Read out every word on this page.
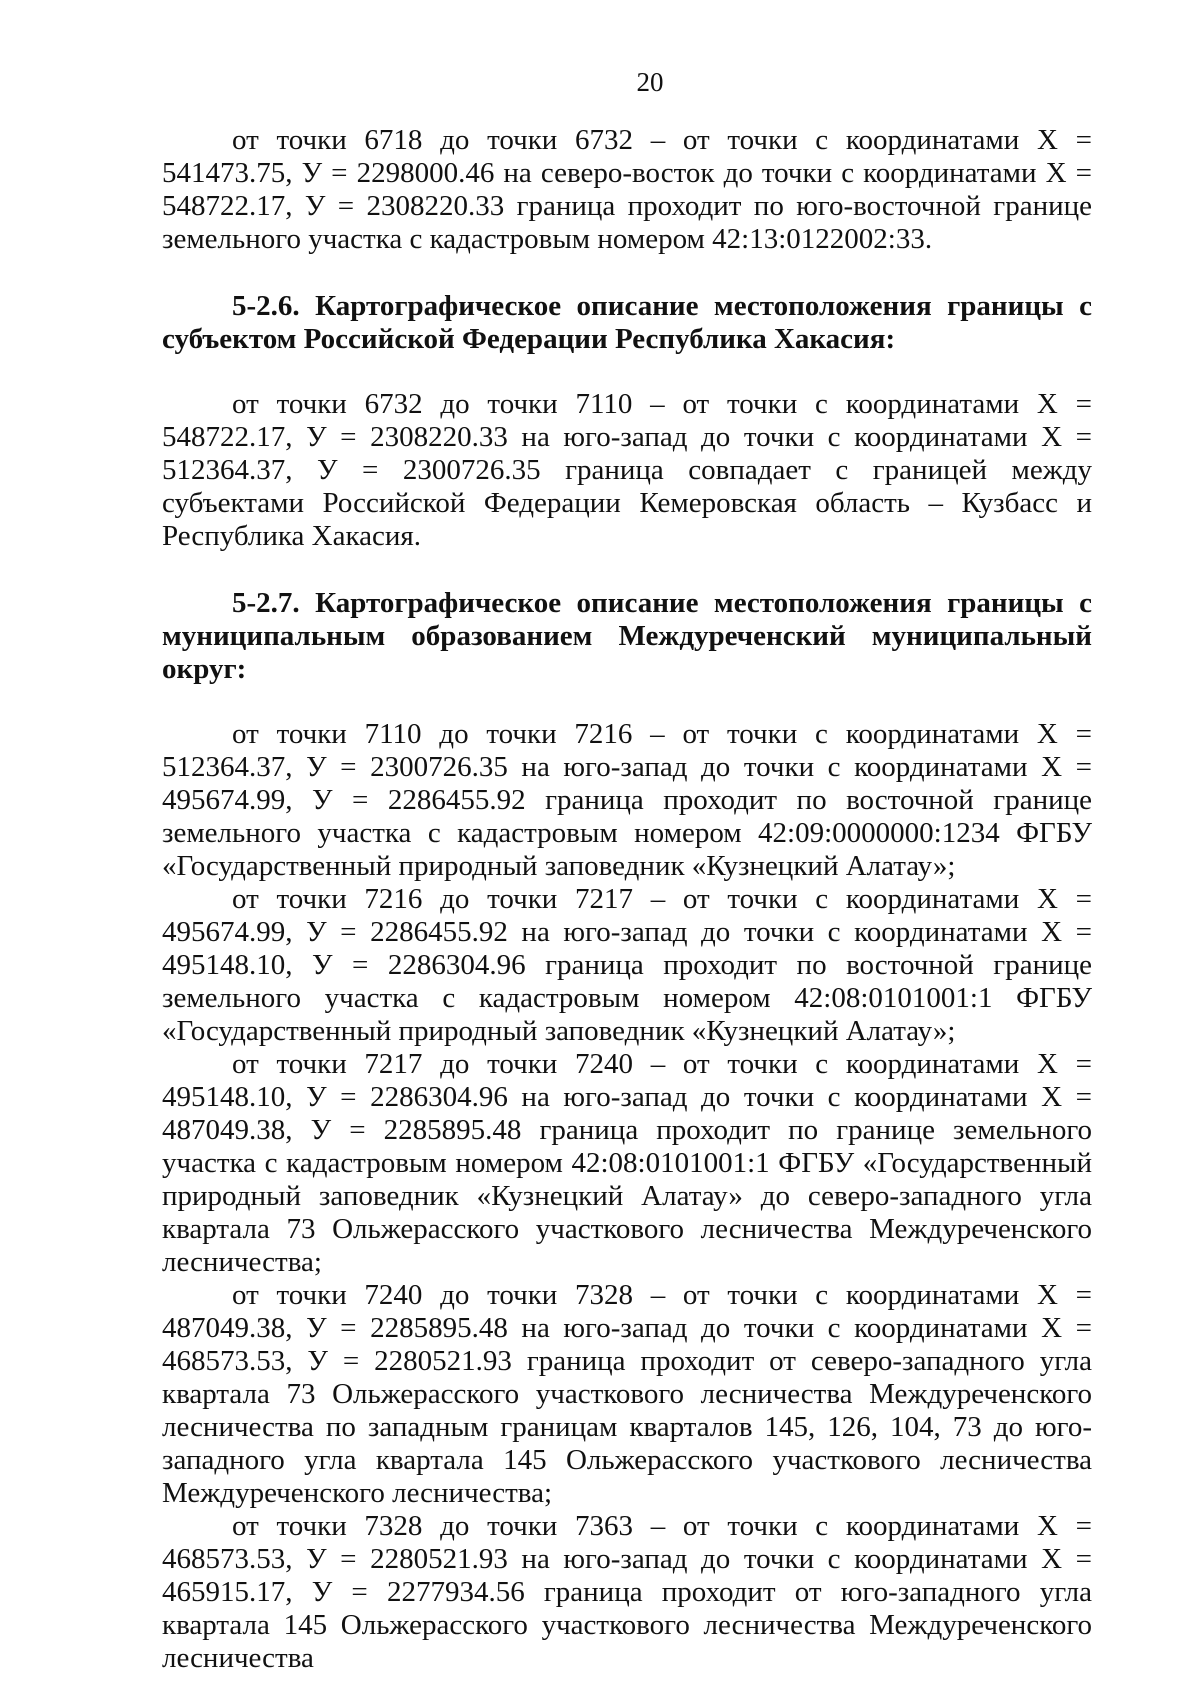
20

от точки 6718 до точки 6732 – от точки с координатами Х = 541473.75, У = 2298000.46 на северо-восток до точки с координатами Х = 548722.17, У = 2308220.33 граница проходит по юго-восточной границе земельного участка с кадастровым номером 42:13:0122002:33.

5-2.6. Картографическое описание местоположения границы с субъектом Российской Федерации Республика Хакасия:

от точки 6732 до точки 7110 – от точки с координатами Х = 548722.17, У = 2308220.33 на юго-запад до точки с координатами Х = 512364.37, У = 2300726.35 граница совпадает с границей между субъектами Российской Федерации Кемеровская область – Кузбасс и Республика Хакасия.

5-2.7. Картографическое описание местоположения границы с муниципальным образованием Междуреченский муниципальный округ:

от точки 7110 до точки 7216 – от точки с координатами Х = 512364.37, У = 2300726.35 на юго-запад до точки с координатами Х = 495674.99, У = 2286455.92 граница проходит по восточной границе земельного участка с кадастровым номером 42:09:0000000:1234 ФГБУ «Государственный природный заповедник «Кузнецкий Алатау»;

от точки 7216 до точки 7217 – от точки с координатами Х = 495674.99, У = 2286455.92 на юго-запад до точки с координатами Х = 495148.10, У = 2286304.96 граница проходит по восточной границе земельного участка с кадастровым номером 42:08:0101001:1 ФГБУ «Государственный природный заповедник «Кузнецкий Алатау»;

от точки 7217 до точки 7240 – от точки с координатами Х = 495148.10, У = 2286304.96 на юго-запад до точки с координатами Х = 487049.38, У = 2285895.48 граница проходит по границе земельного участка с кадастровым номером 42:08:0101001:1 ФГБУ «Государственный природный заповедник «Кузнецкий Алатау» до северо-западного угла квартала 73 Ольжерасского участкового лесничества Междуреченского лесничества;

от точки 7240 до точки 7328 – от точки с координатами Х = 487049.38, У = 2285895.48 на юго-запад до точки с координатами Х = 468573.53, У = 2280521.93 граница проходит от северо-западного угла квартала 73 Ольжерасского участкового лесничества Междуреченского лесничества по западным границам кварталов 145, 126, 104, 73 до юго-западного угла квартала 145 Ольжерасского участкового лесничества Междуреченского лесничества;

от точки 7328 до точки 7363 – от точки с координатами Х = 468573.53, У = 2280521.93 на юго-запад до точки с координатами Х = 465915.17, У = 2277934.56 граница проходит от юго-западного угла квартала 145 Ольжерасского участкового лесничества Междуреченского лесничества
